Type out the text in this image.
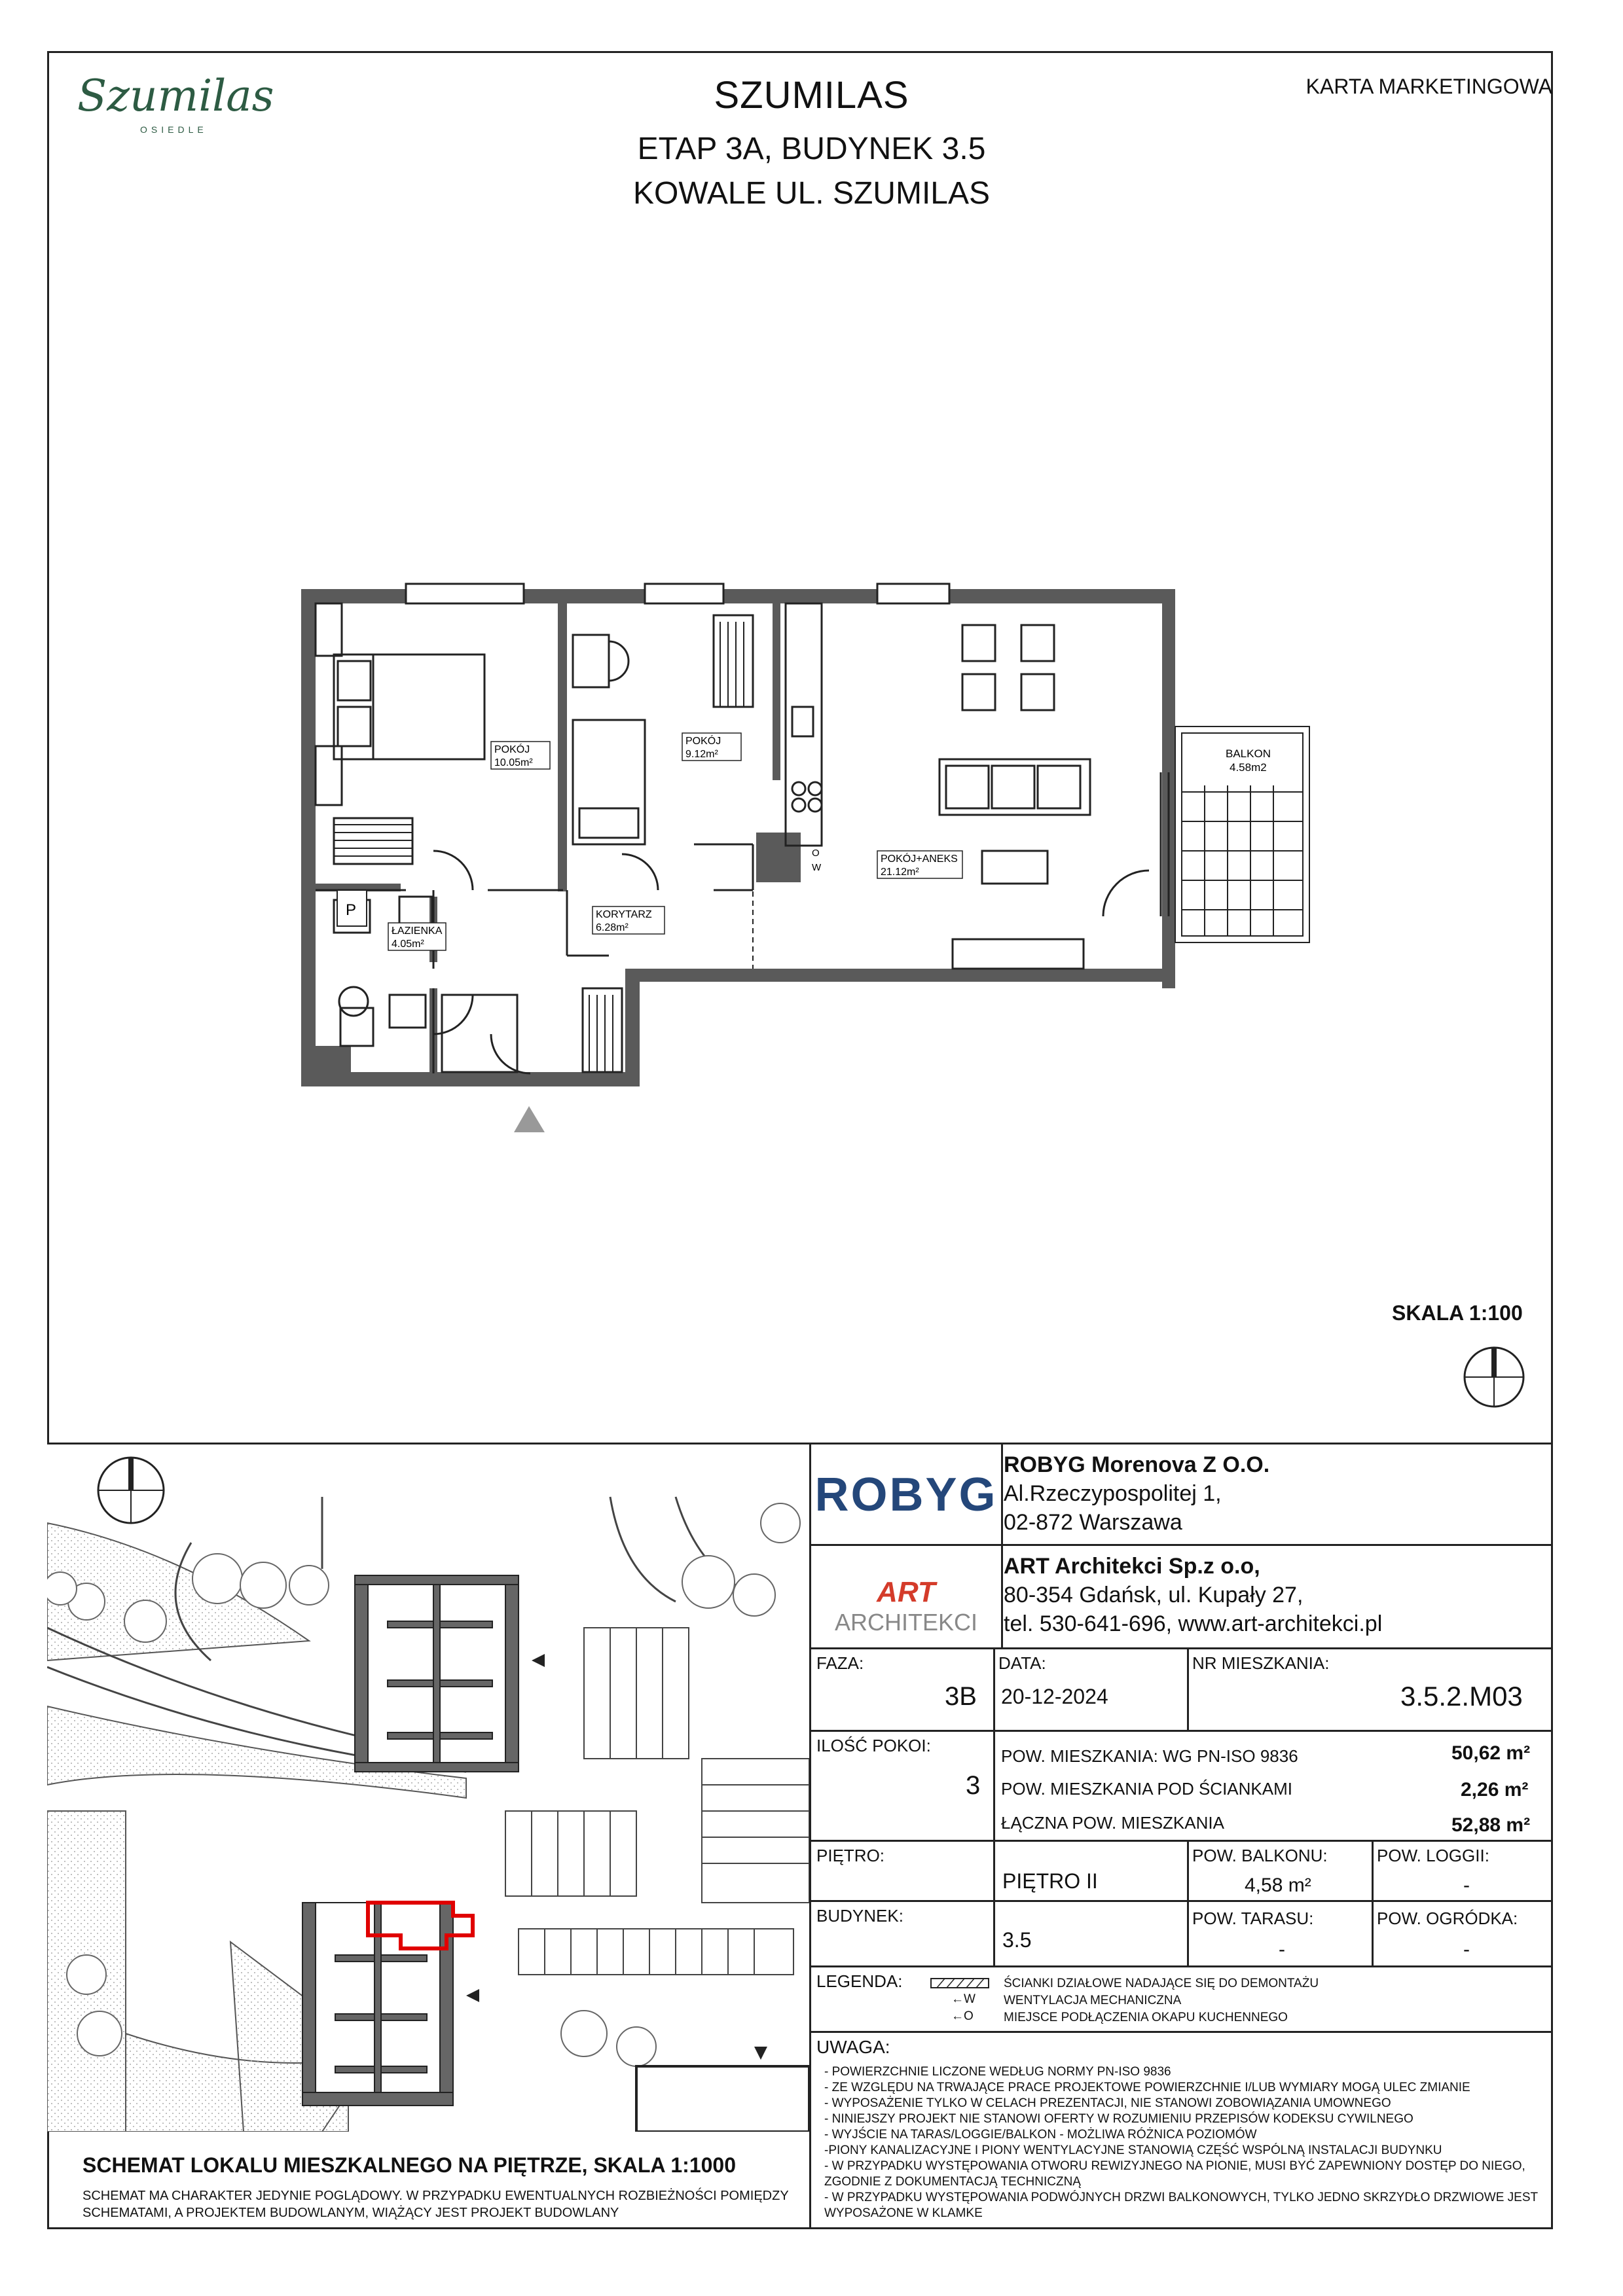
Szumilas
OSIEDLE
SZUMILAS
ETAP 3A, BUDYNEK 3.5
KOWALE UL. SZUMILAS
KARTA MARKETINGOWA
POKÓJ
10.05m²
POKÓJ
9.12m²
POKÓJ+ANEKS
21.12m²
KORYTARZ
6.28m²
ŁAZIENKA
4.05m²
BALKON
4.58m2
P
O
W
SKALA 1:100
SCHEMAT LOKALU MIESZKALNEGO NA PIĘTRZE, SKALA 1:1000
SCHEMAT MA CHARAKTER JEDYNIE POGLĄDOWY. W PRZYPADKU EWENTUALNYCH ROZBIEŻNOŚCI POMIĘDZY
SCHEMATAMI, A PROJEKTEM BUDOWLANYM, WIĄŻĄCY JEST PROJEKT BUDOWLANY
ROBYG
ROBYG Morenova Z O.O.
Al.Rzeczypospolitej 1,
02-872 Warszawa
ART ARCHITEKCI
ART Architekci Sp.z o.o,
80-354 Gdańsk, ul. Kupały 27,
tel. 530-641-696, www.art-architekci.pl
FAZA:
3B
DATA:
20-12-2024
NR MIESZKANIA:
3.5.2.M03
ILOŚĆ POKOI:
3
POW. MIESZKANIA: WG PN-ISO 9836	50,62 m²
POW. MIESZKANIA POD ŚCIANKAMI	2,26 m²
ŁĄCZNA POW. MIESZKANIA	52,88 m²
PIĘTRO:
PIĘTRO II
POW. BALKONU:
4,58 m²
POW. LOGGII:
-
BUDYNEK:
3.5
POW. TARASU:
-
POW. OGRÓDKA:
-
LEGENDA:	ŚCIANKI DZIAŁOWE NADAJĄCE SIĘ DO DEMONTAŻU
←W WENTYLACJA MECHANICZNA
←O MIEJSCE PODŁĄCZENIA OKAPU KUCHENNEGO
UWAGA:
- POWIERZCHNIE LICZONE WEDŁUG NORMY PN-ISO 9836
- ZE WZGLĘDU NA TRWAJĄCE PRACE PROJEKTOWE POWIERZCHNIE I/LUB WYMIARY MOGĄ ULEC ZMIANIE
- WYPOSAŻENIE TYLKO W CELACH PREZENTACJI, NIE STANOWI ZOBOWIĄZANIA UMOWNEGO
- NINIEJSZY PROJEKT NIE STANOWI OFERTY W ROZUMIENIU PRZEPISÓW KODEKSU CYWILNEGO
- WYJŚCIE NA TARAS/LOGGIE/BALKON - MOŻLIWA RÓŻNICA POZIOMÓW
-PIONY KANALIZACYJNE I PIONY WENTYLACYJNE STANOWIĄ CZĘŚĆ WSPÓLNĄ INSTALACJI BUDYNKU
- W PRZYPADKU WYSTĘPOWANIA OTWORU REWIZYJNEGO NA PIONIE, MUSI BYĆ ZAPEWNIONY DOSTĘP DO NIEGO,
ZGODNIE Z DOKUMENTACJĄ TECHNICZNĄ
- W PRZYPADKU WYSTĘPOWANIA PODWÓJNYCH DRZWI BALKONOWYCH, TYLKO JEDNO SKRZYDŁO DRZWIOWE JEST
WYPOSAŻONE W KLAMKE
